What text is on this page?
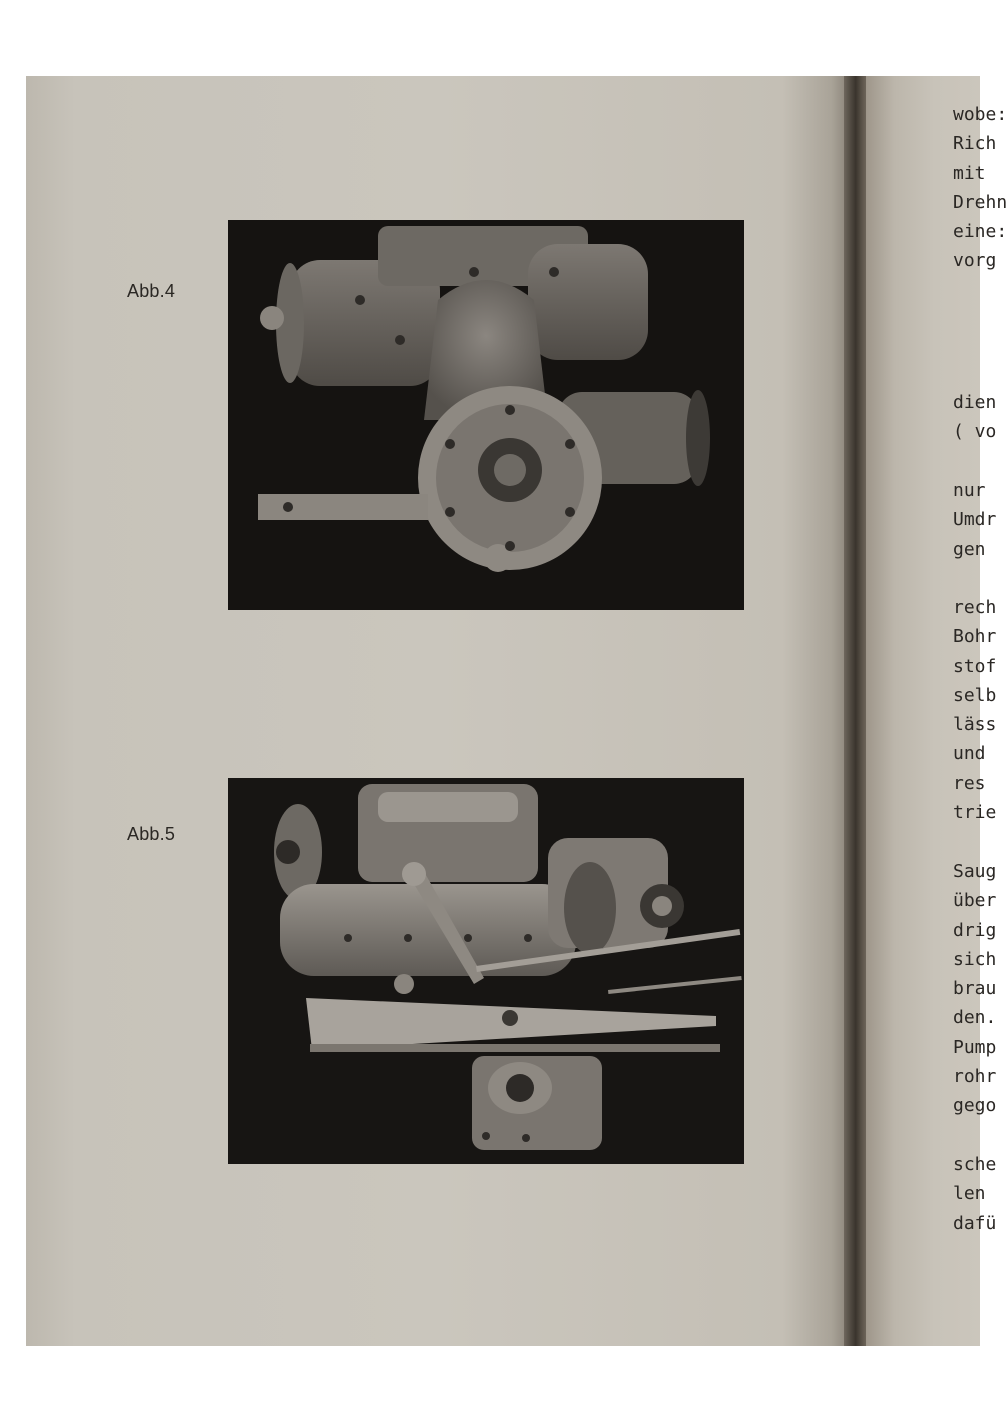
Abb.4
Abb.5
wobe:
Rich
mit
Drehn
eine:
vorg
dien
( vo
nur
Umdr
gen
rech
Bohr
stof
selb
läss
und
res
trie
Saug
über
drig
sich
brau
den.
Pump
rohr
gego
sche
len
dafü
